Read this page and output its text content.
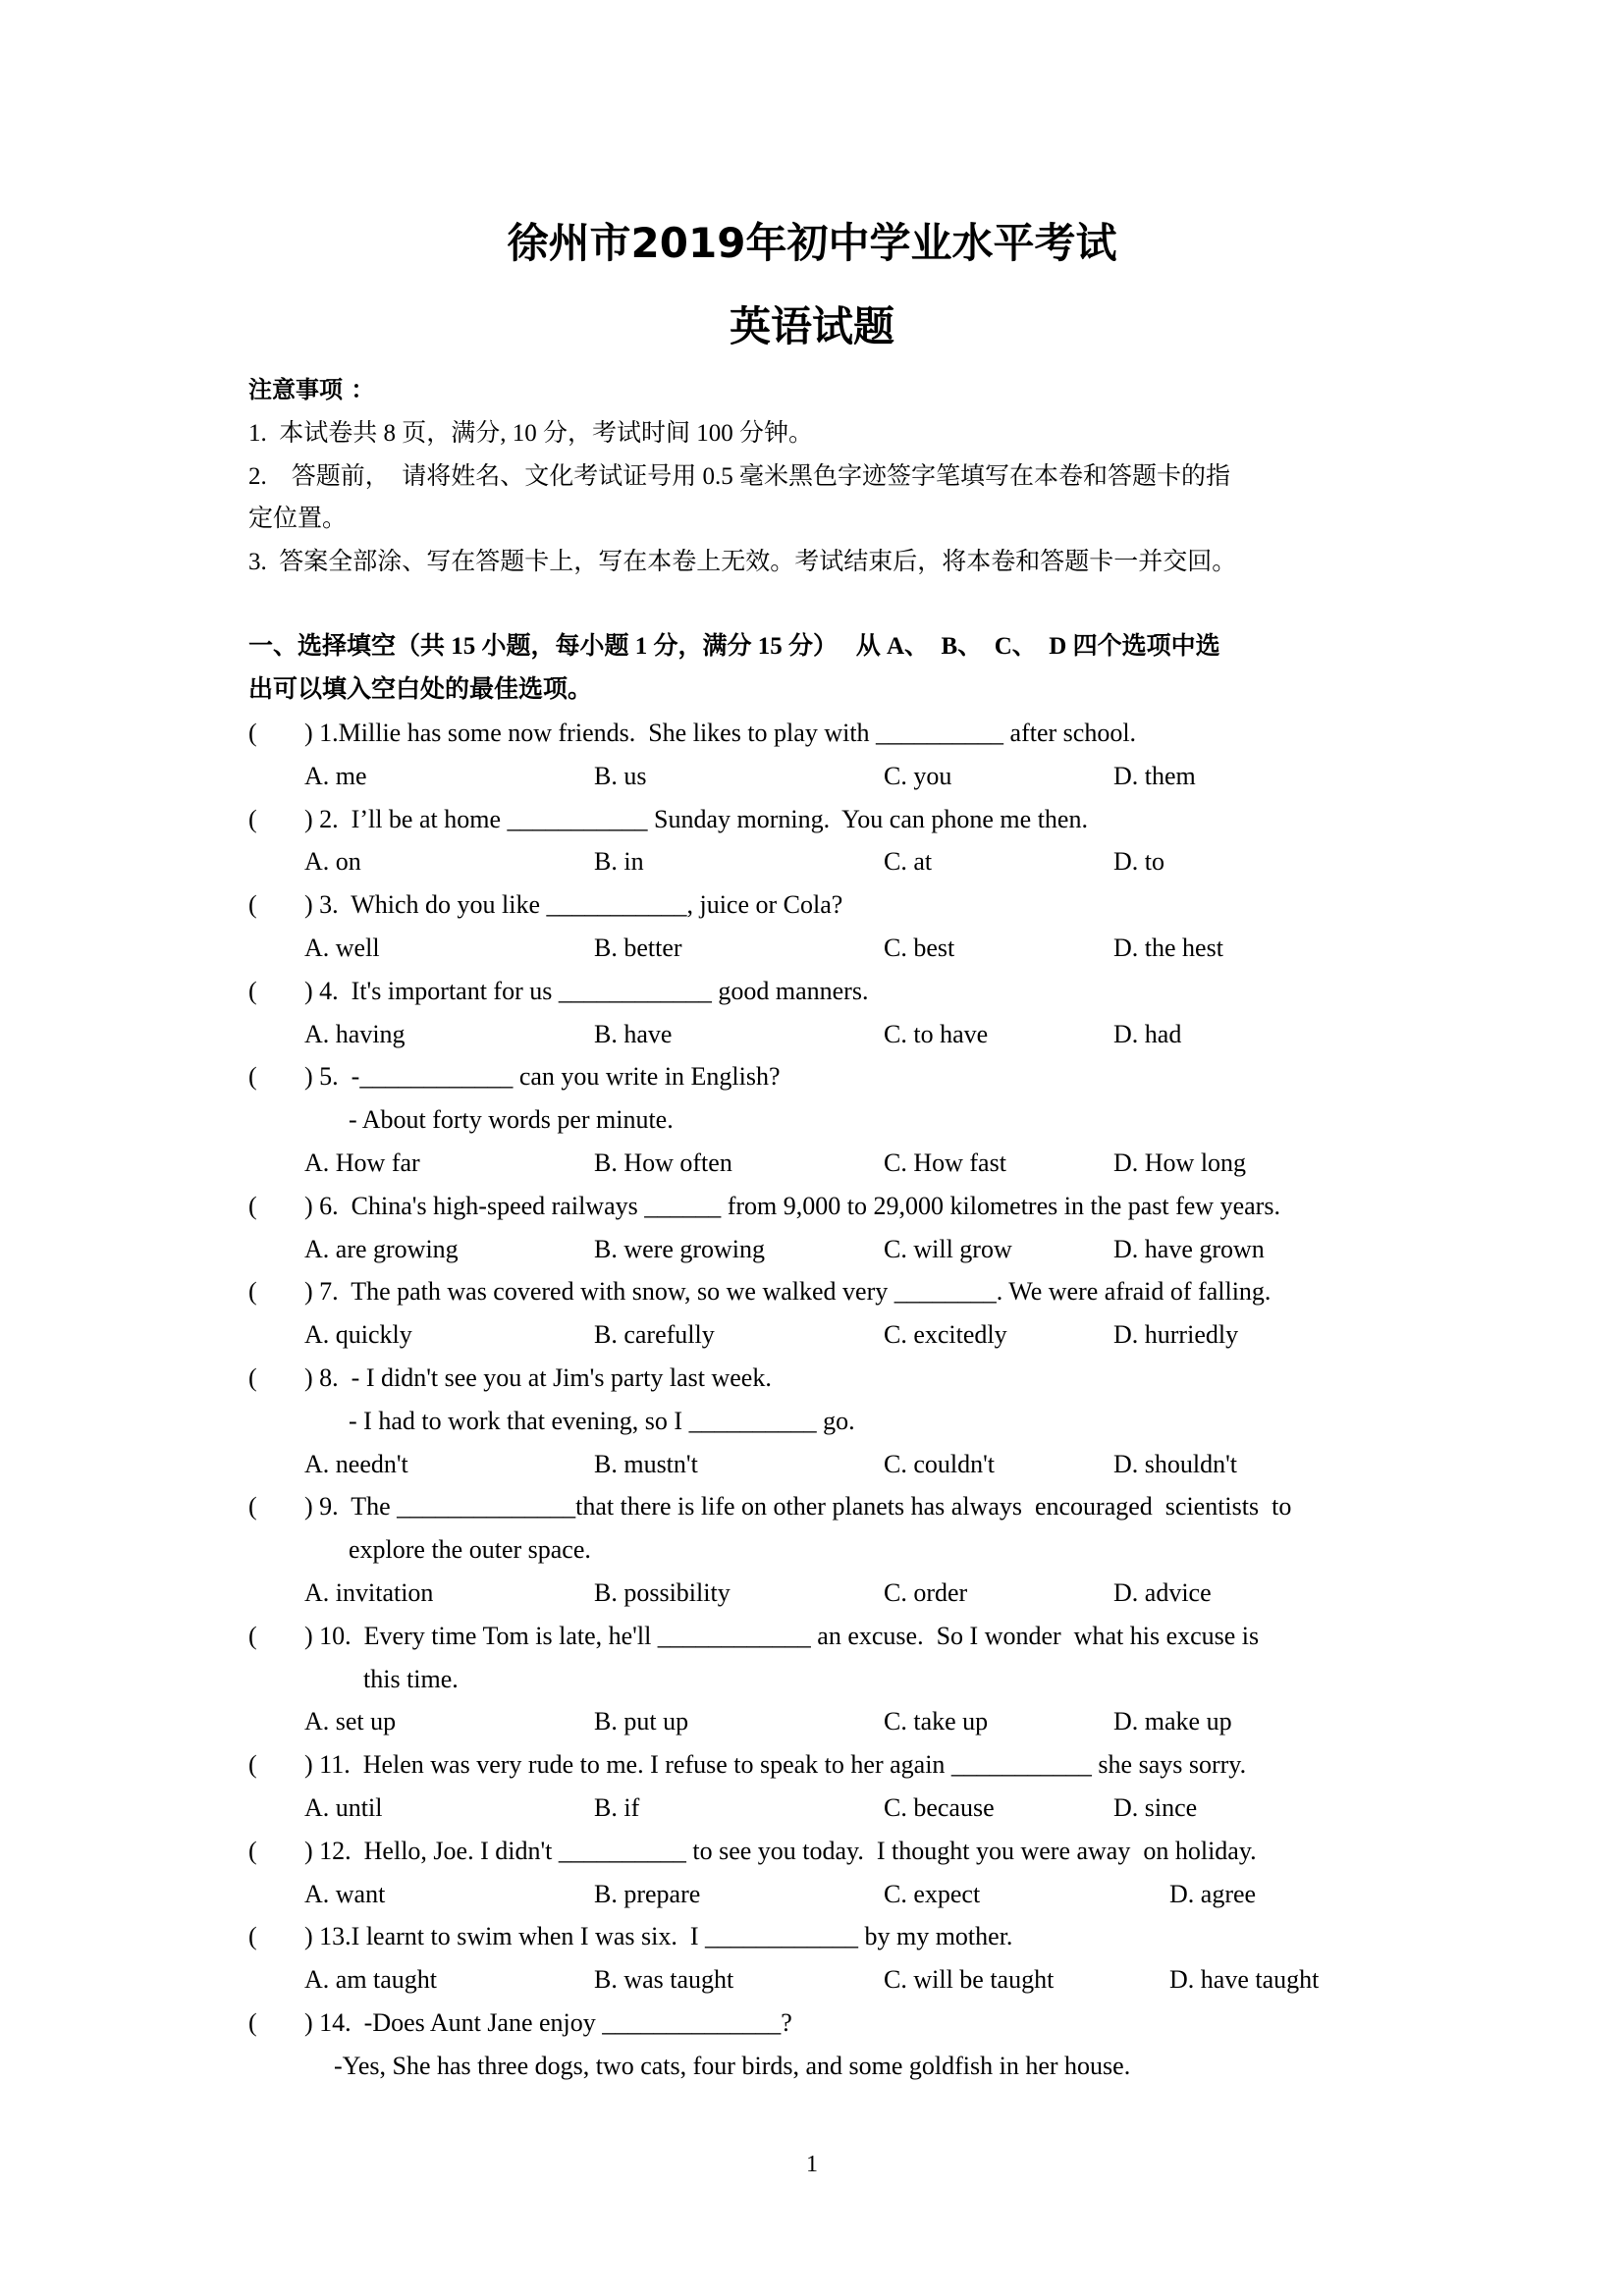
徐州市2019年初中学业水平考试
英语试题
注意事项 ：
1.  本试卷共 8 页，满分, 10 分，考试时间 100 分钟。
2.    答题前，  请将姓名、文化考试证号用 0.5 毫米黑色字迹签字笔填写在本卷和答题卡的指
定位置。
3.  答案全部涂、写在答题卡上，写在本卷上无效。考试结束后，将本卷和答题卡一并交回。
一、选择填空（共 15 小题，每小题 1 分，满分 15 分）   从 A、  B、  C、  D 四个选项中选
出可以填入空白处的最佳选项。
( ) 1.Millie has some now friends.  She likes to play with __________ after school.
A. me	B. us	C. you	D. them
( ) 2.  I’ll be at home ___________ Sunday morning.  You can phone me then.
A. on	B. in	C. at	D. to
( ) 3.  Which do you like ___________, juice or Cola?
A. well	B. better	C. best	D. the hest
( ) 4.  It's important for us ____________ good manners.
A. having	B. have	C. to have	D. had
( ) 5.  -____________ can you write in English?
- About forty words per minute.
A. How far	B. How often	C. How fast	D. How long
( ) 6.  China's high-speed railways ______ from 9,000 to 29,000 kilometres in the past few years.
A. are growing	B. were growing	C. will grow	D. have grown
( ) 7.  The path was covered with snow, so we walked very ________. We were afraid of falling.
A. quickly	B. carefully	C. excitedly	D. hurriedly
( ) 8.  - I didn't see you at Jim's party last week.
- I had to work that evening, so I __________ go.
A. needn't	B. mustn't	C. couldn't	D. shouldn't
( ) 9.  The ______________that there is life on other planets has always  encouraged  scientists  to
explore the outer space.
A. invitation	B. possibility	C. order	D. advice
( ) 10.  Every time Tom is late, he'll ____________ an excuse.  So I wonder  what his excuse is
this time.
A. set up	B. put up	C. take up	D. make up
( ) 11.  Helen was very rude to me. I refuse to speak to her again ___________ she says sorry.
A. until	B. if	C. because	D. since
( ) 12.  Hello, Joe. I didn't __________ to see you today.  I thought you were away  on holiday.
A. want	B. prepare	C. expect	D. agree
( ) 13.I learnt to swim when I was six.  I ____________ by my mother.
A. am taught	B. was taught	C. will be taught	D. have taught
( ) 14.  -Does Aunt Jane enjoy ______________?
-Yes, She has three dogs, two cats, four birds, and some goldfish in her house.
1
